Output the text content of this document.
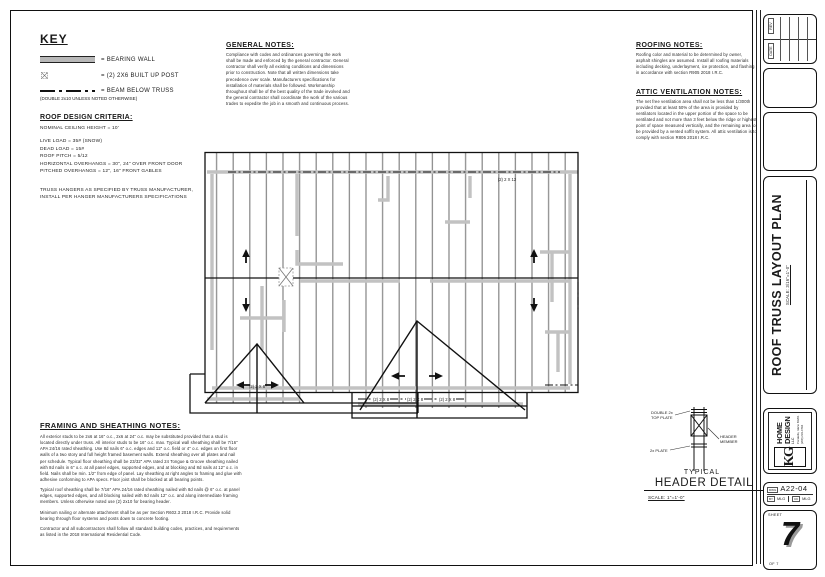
KEY
= BEARING WALL
= (2) 2X6 BUILT UP POST
= BEAM BELOW TRUSS
(DOUBLE 2x10 UNLESS NOTED OTHERWISE)
ROOF DESIGN CRITERIA:
NOMINAL CEILING HEIGHT = 10'
LIVE LOAD = 35# (SNOW)
DEAD LOAD = 15#
ROOF PITCH = 5/12
HORIZONTAL OVERHANGS = 30", 24" OVER FRONT DOOR
PITCHED OVERHANGS = 12", 16" FRONT GABLES

TRUSS HANGERS AS SPECIFIED BY TRUSS MANUFACTURER, INSTALL PER HANGER MANUFACTURERS SPECIFICATIONS

GENERAL NOTES:

Compliance with codes and ordinances governing the work shall be made and enforced by the general contractor. General contractor shall verify all existing conditions and dimensions prior to construction. Note that all written dimensions take precedence over scale. Manufacturers specifications for installation of materials shall be followed. Workmanship throughout shall be of the best quality of the trade involved and the general contractor shall coordinate the work of the various trades to expedite the job in a smooth and continuous process.

ROOFING NOTES:

Roofing color and material to be determined by owner, asphalt shingles are assumed. Install all roofing materials including decking, underlayment, ice protection, and flashing in accordance with section R905 2018 I.R.C.

ATTIC VENTILATION NOTES:

The net free ventilation area shall not be less than 1/300th provided that at least 50% of the area is provided by ventilators located in the upper portion of the space to be ventilated and not more than 3 feet below the ridge or highest point of space measured vertically, and the remaining area to be provided by a vented soffit system. All attic ventilation is to comply with section R806 2018 I.R.C.

(2) 2 X 12
(2) 2 X 8
(2) 2 X 8	(2) 2 X 8	(2) 2 X 8
FRAMING AND SHEATHING NOTES:

All exterior studs to be 2x6 at 16" o.c., 2x6 at 24" o.c. may be substituted provided that a stud is located directly under truss. All interior studs to be 16" o.c. max. Typical wall sheathing shall be 7/16" APA 24/16 rated sheathing. Use 8d nails 6" o.c. edges and 12" o.c. field or 4" o.c. edges on first floor walls of a two story and full height framed basement walls. Extend sheathing over all plates and nail per schedule. Typical floor sheathing shall be 23/32" APA rated 24 Tongue & Groove sheathing nailed with 8d nails in 6" o.c. at all panel edges, supported edges, and at blocking and 8d nails at 12" o.c. in field. Nails shall be min. 1/2" from edge of panel. Lay sheathing at right angles to framing and glue with adhesive conforming to APA specs. Floor joist shall be blocked at all bearing points.

Typical roof sheathing shall be 7/16" APA 24/16 rated sheathing nailed with 8d nails @ 6" o.c. at panel edges, supported edges, and all blocking nailed with 8d nails 12" o.c. and along intermediate framing members. Unless otherwise noted use (2) 2x10 for bearing header.

Minimum nailing or alternate attachment shall be as per Section R602.3 2018 I.R.C. Provide solid bearing through floor systems and posts down to concrete footing.

Contractor and all subcontractors shall follow all standard building codes, practices, and requirements as listed in the 2018 International Residential Code.

DOUBLE 2x
TOP PLATE
HEADER
MEMBER
2x PLATE
TYPICAL
HEADER DETAIL
SCALE: 1"=1'-0"
REV
DATE
ROOF TRUSS LAYOUT PLAN SCALE: 3/16"=1'-0"
KG
HOME
DESIGN LLC Pocatello, Idaho 83201 (208) 233-4794
DWG A22-04
BY	MLG	CK	MLG
SHEET
7
OF 7
